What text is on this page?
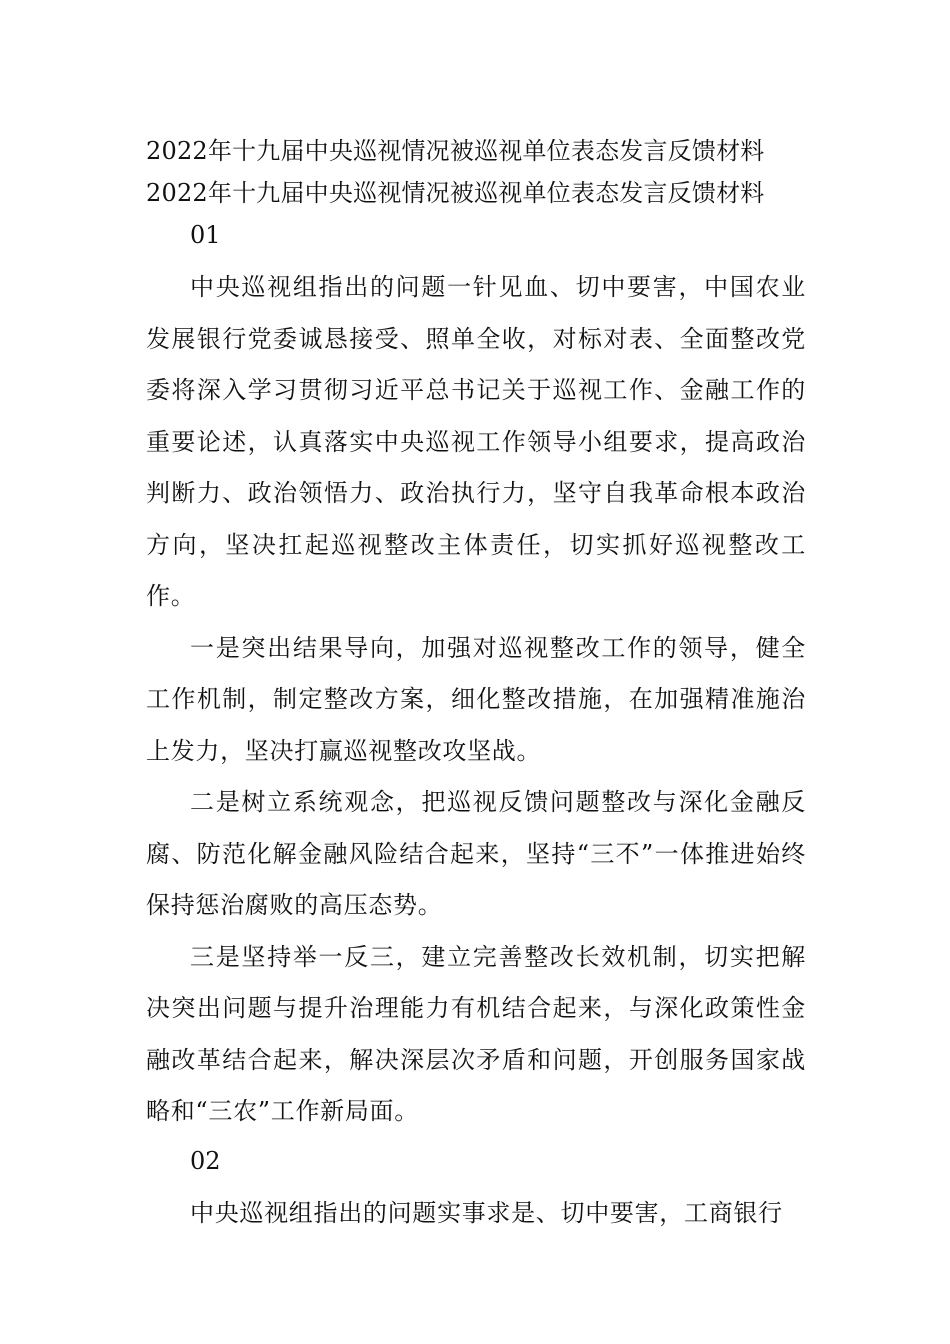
2022年十九届中央巡视情况被巡视单位表态发言反馈材料
2022年十九届中央巡视情况被巡视单位表态发言反馈材料

01

中央巡视组指出的问题一针见血、切中要害，中国农业发展银行党委诚恳接受、照单全收，对标对表、全面整改党委将深入学习贯彻习近平总书记关于巡视工作、金融工作的重要论述，认真落实中央巡视工作领导小组要求，提高政治判断力、政治领悟力、政治执行力，坚守自我革命根本政治方向，坚决扛起巡视整改主体责任，切实抓好巡视整改工作。

一是突出结果导向，加强对巡视整改工作的领导，健全工作机制，制定整改方案，细化整改措施，在加强精准施治上发力，坚决打赢巡视整改攻坚战。

二是树立系统观念，把巡视反馈问题整改与深化金融反腐、防范化解金融风险结合起来，坚持“三不”一体推进始终保持惩治腐败的高压态势。

三是坚持举一反三，建立完善整改长效机制，切实把解决突出问题与提升治理能力有机结合起来，与深化政策性金融改革结合起来，解决深层次矛盾和问题，开创服务国家战略和“三农”工作新局面。

02

中央巡视组指出的问题实事求是、切中要害，工商银行
